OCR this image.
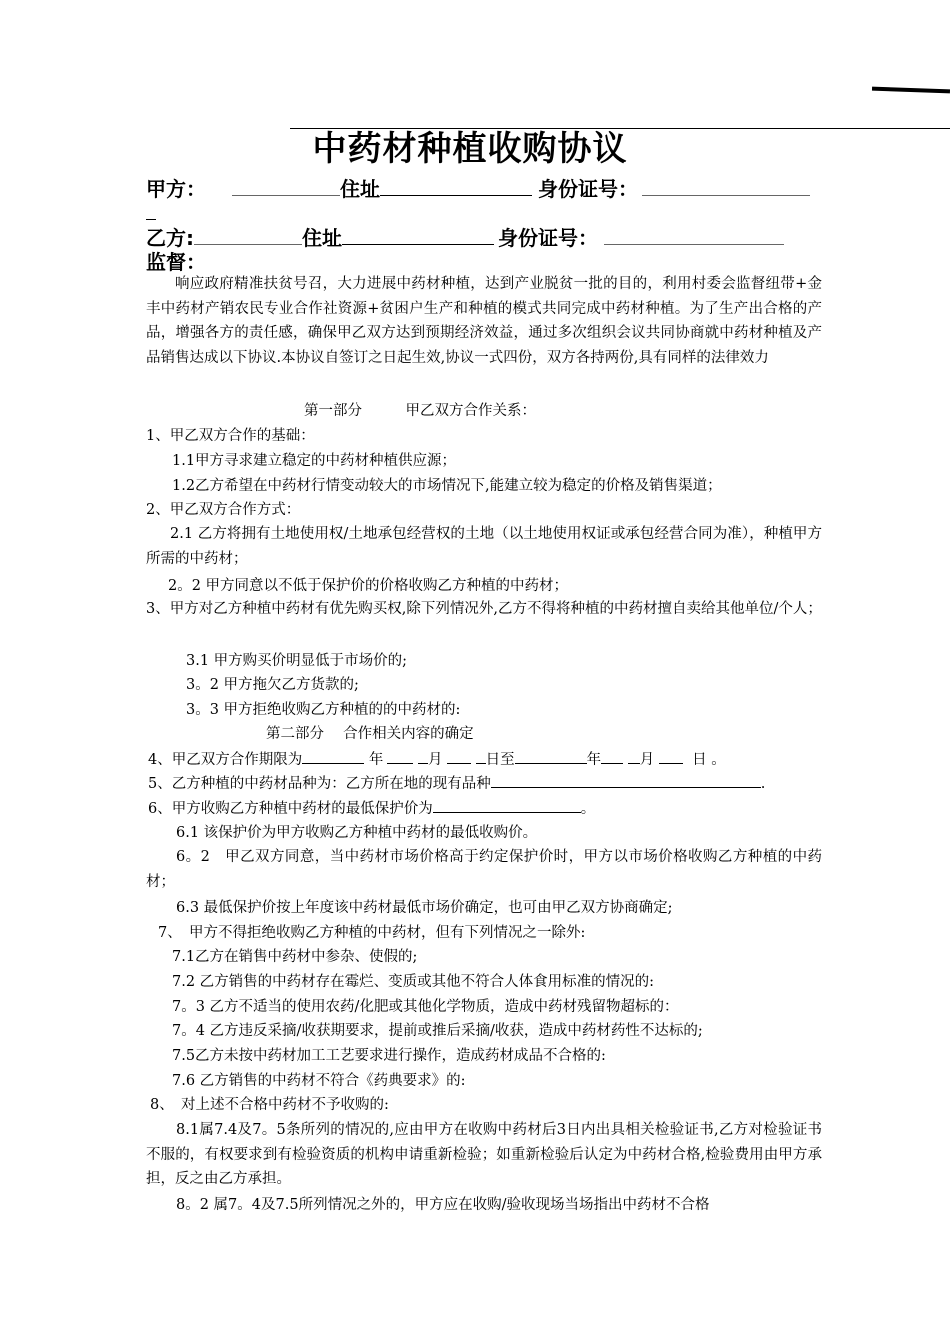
中药材种植收购协议
甲方：	住址	身份证号：
乙方:	住址	身份证号：
监督：
响应政府精准扶贫号召，大力进展中药材种植，达到产业脱贫一批的目的，利用村委会监督纽带+金丰中药材产销农民专业合作社资源+贫困户生产和种植的模式共同完成中药材种植。为了生产出合格的产品，增强各方的责任感，确保甲乙双方达到预期经济效益，通过多次组织会议共同协商就中药材种植及产品销售达成以下协议.本协议自签订之日起生效,协议一式四份，双方各持两份,具有同样的法律效力
第一部分　　　甲乙双方合作关系：
1、甲乙双方合作的基础：
1.1甲方寻求建立稳定的中药材种植供应源；
1.2乙方希望在中药材行情变动较大的市场情况下,能建立较为稳定的价格及销售渠道；
2、甲乙双方合作方式：
2.1 乙方将拥有土地使用权/土地承包经营权的土地（以土地使用权证或承包经营合同为准），种植甲方所需的中药材；
2。2 甲方同意以不低于保护价的价格收购乙方种植的中药材；
3、甲方对乙方种植中药材有优先购买权,除下列情况外,乙方不得将种植的中药材擅自卖给其他单位/个人；
3.1 甲方购买价明显低于市场价的;
3。2 甲方拖欠乙方货款的;
3。3 甲方拒绝收购乙方种植的的中药材的:
第二部分　 合作相关内容的确定
4、甲乙双方合作期限为	年	月	日至	年	月	日 。
5、乙方种植的中药材品种为：乙方所在地的现有品种	.
6、甲方收购乙方种植中药材的最低保护价为	。
6.1 该保护价为甲方收购乙方种植中药材的最低收购价。
6。2　甲乙双方同意，当中药材市场价格高于约定保护价时，甲方以市场价格收购乙方种植的中药材；
6.3 最低保护价按上年度该中药材最低市场价确定，也可由甲乙双方协商确定;
7、　甲方不得拒绝收购乙方种植的中药材，但有下列情况之一除外:
7.1乙方在销售中药材中参杂、使假的;
7.2 乙方销售的中药材存在霉烂、变质或其他不符合人体食用标准的情况的:
7。3 乙方不适当的使用农药/化肥或其他化学物质，造成中药材残留物超标的：
7。4 乙方违反采摘/收获期要求，提前或推后采摘/收获，造成中药材药性不达标的;
7.5乙方未按中药材加工工艺要求进行操作，造成药材成品不合格的:
7.6 乙方销售的中药材不符合《药典要求》的:
8、　对上述不合格中药材不予收购的:
8.1属7.4及7。5条所列的情况的,应由甲方在收购中药材后3日内出具相关检验证书,乙方对检验证书不服的，有权要求到有检验资质的机构申请重新检验；如重新检验后认定为中药材合格,检验费用由甲方承担，反之由乙方承担。
8。2 属7。4及7.5所列情况之外的，甲方应在收购/验收现场当场指出中药材不合格
